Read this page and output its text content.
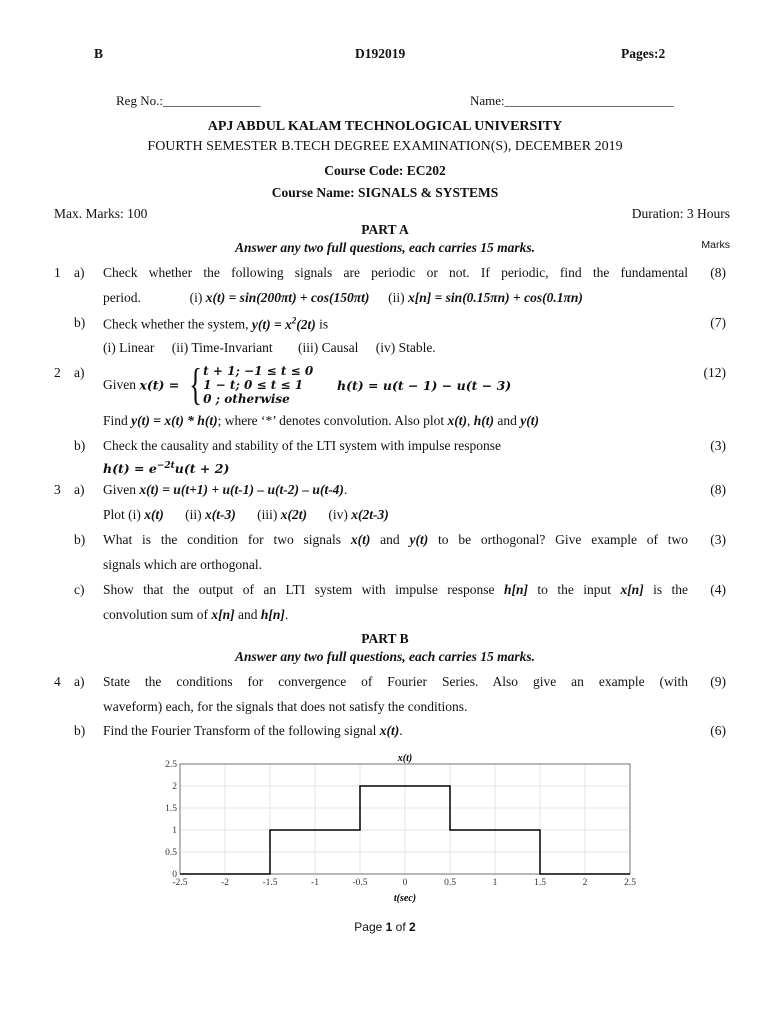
B	D192019	Pages:2
Reg No.:_______________	Name:__________________________
APJ ABDUL KALAM TECHNOLOGICAL UNIVERSITY
FOURTH SEMESTER B.TECH DEGREE EXAMINATION(S), DECEMBER 2019
Course Code: EC202
Course Name: SIGNALS & SYSTEMS
Max. Marks: 100	Duration: 3 Hours
PART A
Answer any two full questions, each carries 15 marks.	Marks
1 a) Check whether the following signals are periodic or not. If periodic, find the fundamental (8)
period.	(i) x(t) = sin(200πt) + cos(150πt) (ii) x[n] = sin(0.15πn) + cos(0.1πn)
b) Check whether the system, $y(t) = x^2(2t)$ is	(7)
(i) Linear (ii) Time-Invariant (iii) Causal (iv) Stable.
2 a)	(12)
Given x(t) = { t + 1; −1 ≤ t ≤ 0
1 − t; 0 ≤ t ≤ 1
0 ; otherwise
h(t) = u(t − 1) − u(t − 3)
Find y(t) = x(t) * h(t); where ‘*’ denotes convolution. Also plot x(t), h(t) and y(t)
b) Check the causality and stability of the LTI system with impulse response	(3)
$h(t) = e^{-2t}u(t + 2)$
3 a) Given x(t) = u(t+1) + u(t-1) – u(t-2) – u(t-4).	(8)
Plot (i) x(t) (ii) x(t-3) (iii) x(2t) (iv) x(2t-3)
b) What is the condition for two signals x(t) and y(t) to be orthogonal? Give example of two (3)
signals which are orthogonal.
c) Show that the output of an LTI system with impulse response h[n] to the input x[n] is the (4)
convolution sum of x[n] and h[n].
PART B
Answer any two full questions, each carries 15 marks.
4 a) State the conditions for convergence of Fourier Series. Also give an example (with (9)
waveform) each, for the signals that does not satisfy the conditions.
b) Find the Fourier Transform of the following signal x(t).	(6)
x(t)
-2.5	-2	-1.5	-1	-0.5	0	0.5	1	1.5	2	2.5
0
0.5
1
1.5
2
2.5
t(sec)
Page 1 of 2
